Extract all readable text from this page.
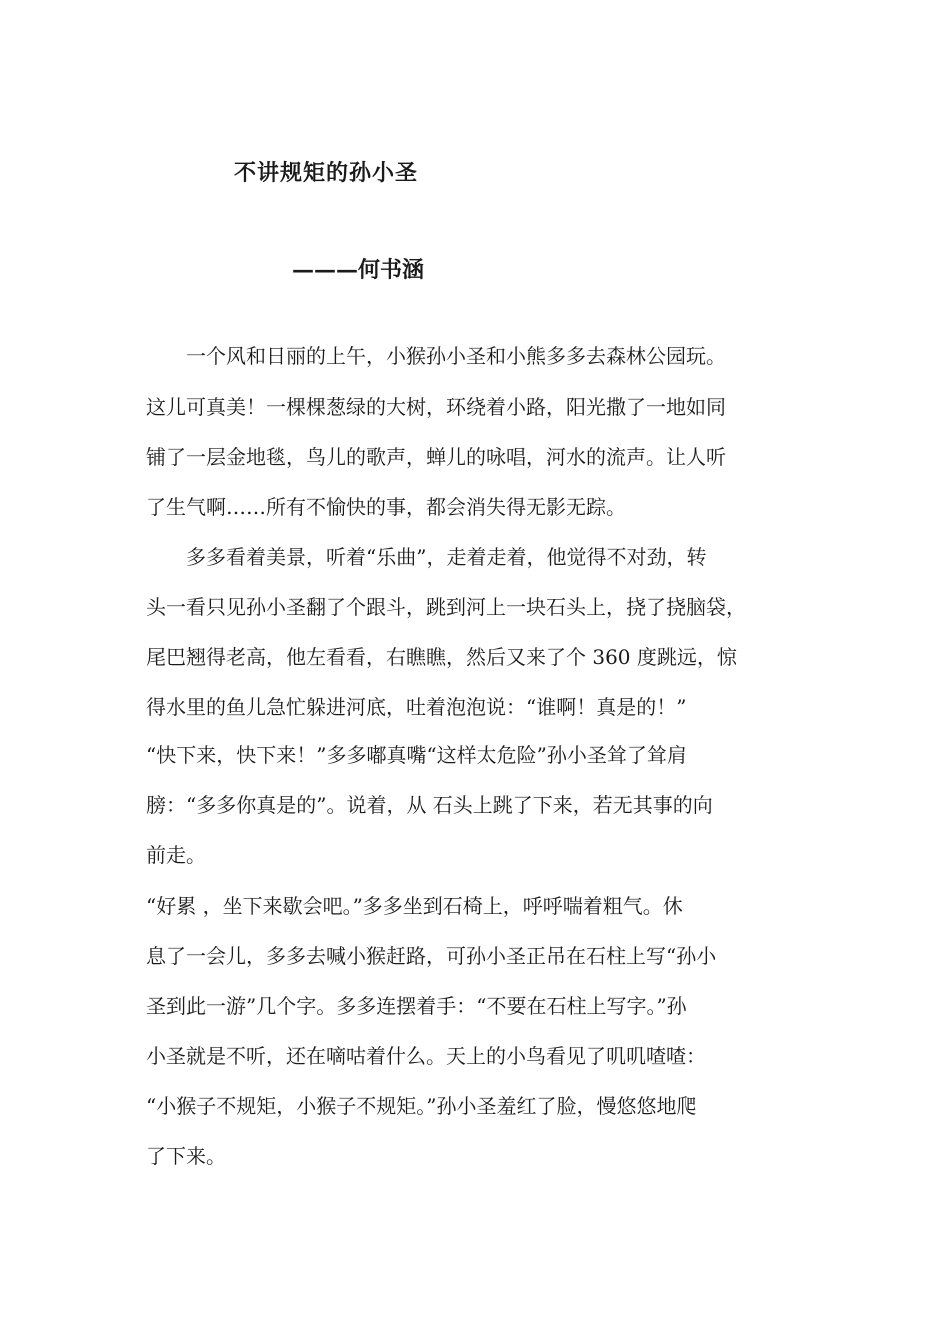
不讲规矩的孙小圣
———何书涵
　　一个风和日丽的上午，小猴孙小圣和小熊多多去森林公园玩。
这儿可真美！一棵棵葱绿的大树，环绕着小路，阳光撒了一地如同
铺了一层金地毯，鸟儿的歌声，蝉儿的咏唱，河水的流声。让人听
了生气啊……所有不愉快的事，都会消失得无影无踪。
　　多多看着美景，听着“乐曲”，走着走着，他觉得不对劲，转
头一看只见孙小圣翻了个跟斗，跳到河上一块石头上，挠了挠脑袋，
尾巴翘得老高，他左看看，右瞧瞧，然后又来了个 360 度跳远，惊
得水里的鱼儿急忙躲进河底，吐着泡泡说：“谁啊！真是的！”
“快下来，快下来！”多多嘟真嘴“这样太危险”孙小圣耸了耸肩
膀：“多多你真是的”。说着，从 石头上跳了下来，若无其事的向
前走。
“好累 ，坐下来歇会吧。”多多坐到石椅上，呼呼喘着粗气。休
息了一会儿，多多去喊小猴赶路，可孙小圣正吊在石柱上写“孙小
圣到此一游”几个字。多多连摆着手：“不要在石柱上写字。”孙
小圣就是不听，还在嘀咕着什么。天上的小鸟看见了叽叽喳喳：
“小猴子不规矩，小猴子不规矩。”孙小圣羞红了脸，慢悠悠地爬
了下来。
